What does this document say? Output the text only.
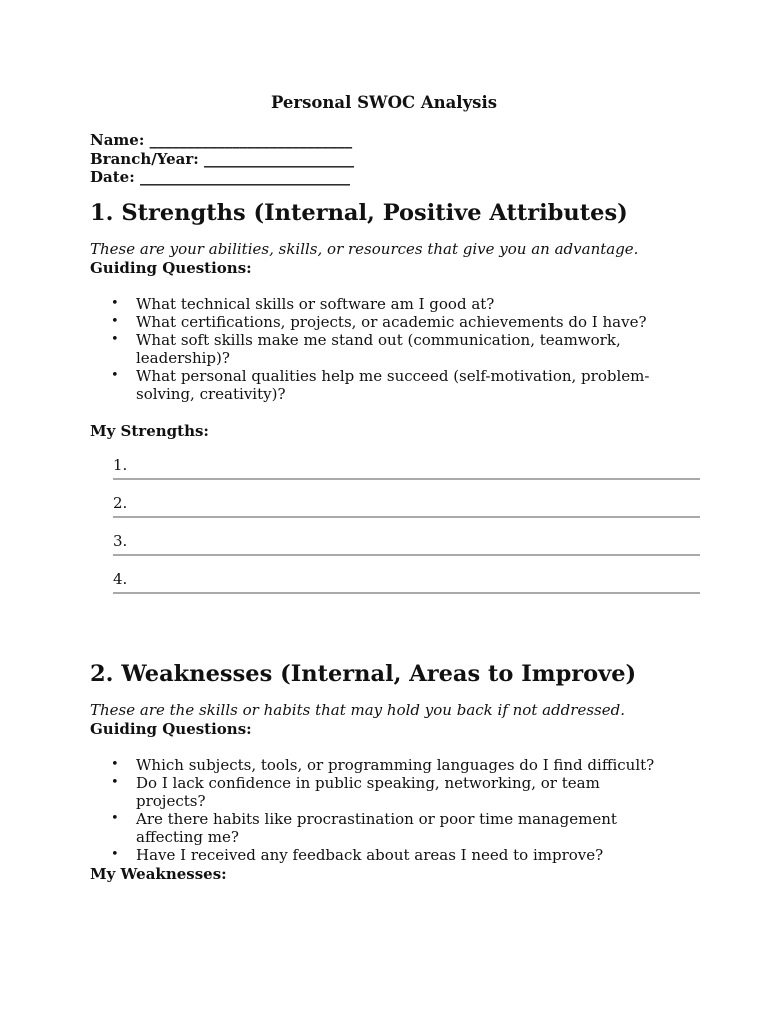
Personal SWOC Analysis

Name: ___________________________

Branch/Year: ____________________

Date: ____________________________

1. Strengths (Internal, Positive Attributes)

These are your abilities, skills, or resources that give you an advantage.

Guiding Questions:

• What technical skills or software am I good at?
• What certifications, projects, or academic achievements do I have?
• What soft skills make me stand out (communication, teamwork, leadership)?
• What personal qualities help me succeed (self-motivation, problem-solving, creativity)?

My Strengths:

1.
2.
3.
4.
2. Weaknesses (Internal, Areas to Improve)

These are the skills or habits that may hold you back if not addressed.

Guiding Questions:

• Which subjects, tools, or programming languages do I find difficult?
• Do I lack confidence in public speaking, networking, or team projects?
• Are there habits like procrastination or poor time management affecting me?
• Have I received any feedback about areas I need to improve?

My Weaknesses:
